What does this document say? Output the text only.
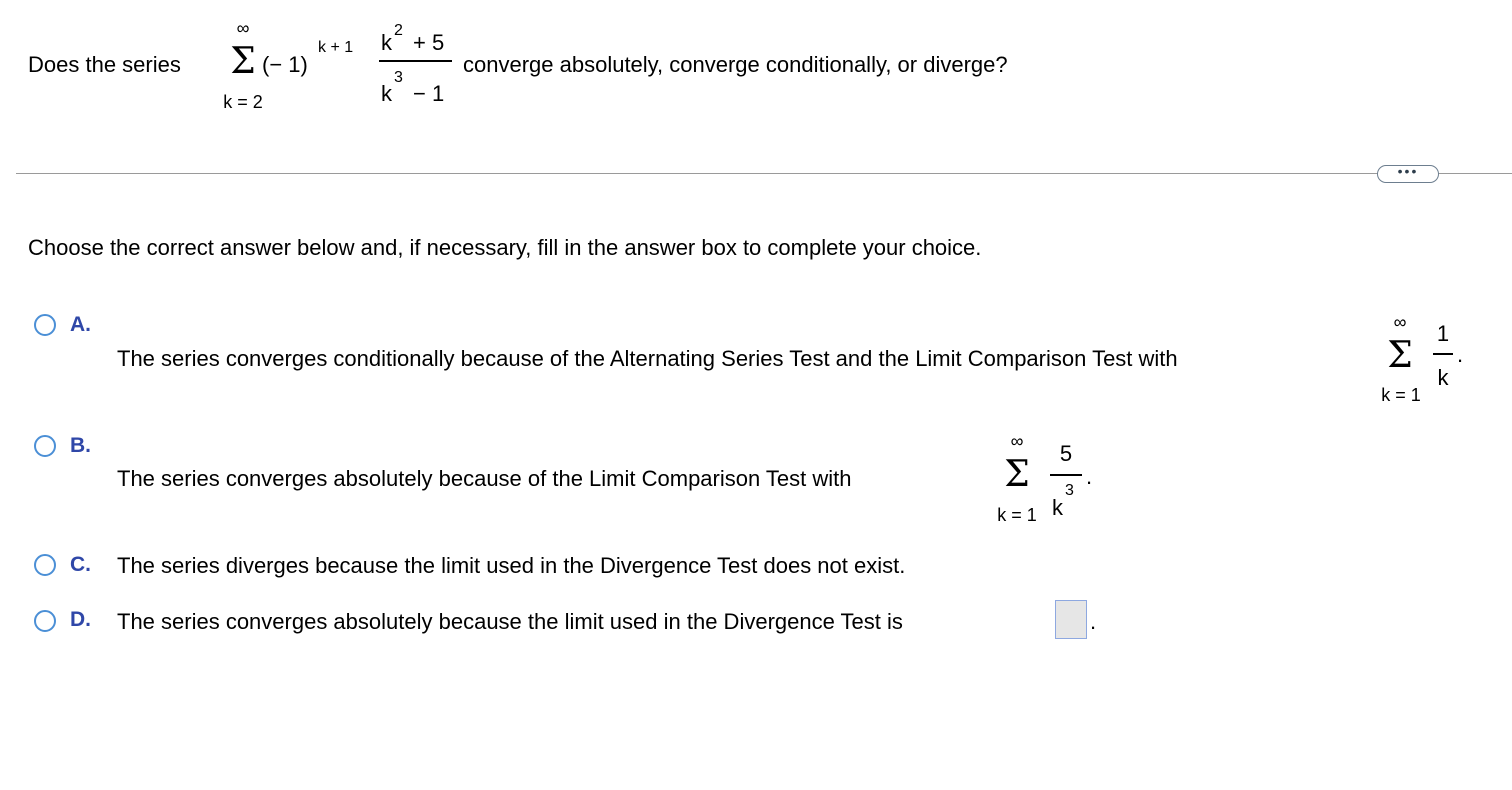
Does the series
∞
Σ
k = 2
(− 1)
k + 1 k 2 + 5
k
3
− 1
converge absolutely, converge conditionally, or diverge?
•••
Choose the correct answer below and, if necessary, fill in the answer box to complete your choice.
A.
The series converges conditionally because of the Alternating Series Test and the Limit Comparison Test with
∞
Σ
k = 1
1
k
.
B.
The series converges absolutely because of the Limit Comparison Test with
∞
Σ
k = 1
5
k
3
.
C. The series diverges because the limit used in the Divergence Test does not exist.
D. The series converges absolutely because the limit used in the Divergence Test is	.
